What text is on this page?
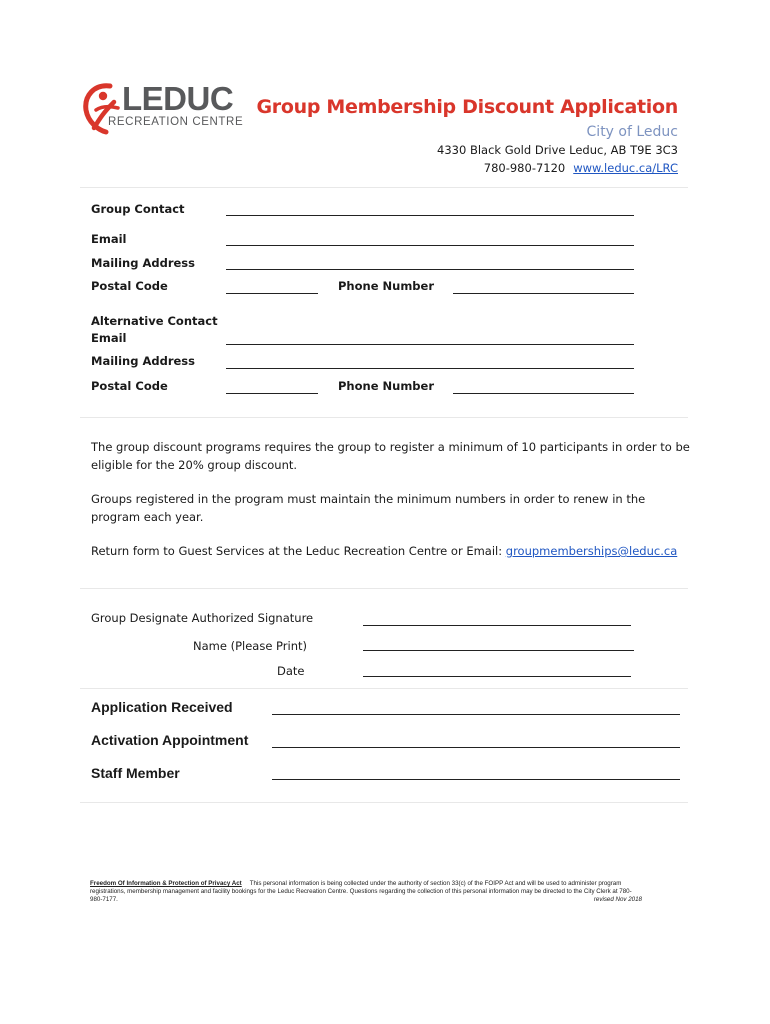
LEDUC
RECREATION CENTRE
Group Membership Discount Application
City of Leduc
4330 Black Gold Drive Leduc, AB T9E 3C3
780-980-7120 www.leduc.ca/LRC
Group Contact
Email
Mailing Address
Postal Code	Phone Number
Alternative Contact
Email
Mailing Address
Postal Code	Phone Number
The group discount programs requires the group to register a minimum of 10 participants in order to be eligible for the 20% group discount.
Groups registered in the program must maintain the minimum numbers in order to renew in the program each year.
Return form to Guest Services at the Leduc Recreation Centre or Email: groupmemberships@leduc.ca
Group Designate Authorized Signature
Name (Please Print)
Date
Application Received
Activation Appointment
Staff Member
Freedom Of Information & Protection of Privacy Act This personal information is being collected under the authority of section 33(c) of the FOIPP Act and will be used to administer program registrations, membership management and facility bookings for the Leduc Recreation Centre. Questions regarding the collection of this personal information may be directed to the City Clerk at 780-980-7177.	revised Nov 2018
